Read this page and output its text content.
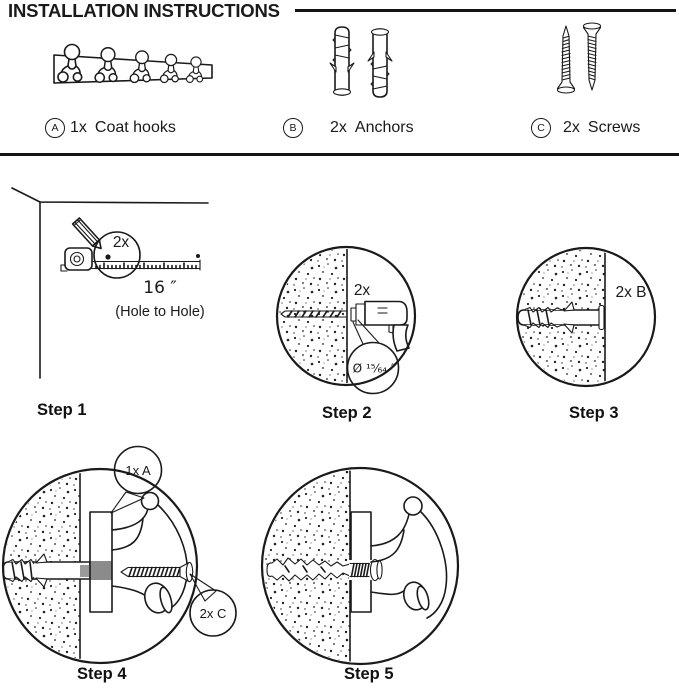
INSTALLATION INSTRUCTIONS
A 1x Coat hooks	B	2x Anchors	C	2x Screws
2x
16 ″
(Hole to Hole)
2x
Ø ¹⁵⁄₆₄ ″
2x B
1x A
2x C
Step 1	Step 2	Step 3
Step 4	Step 5
